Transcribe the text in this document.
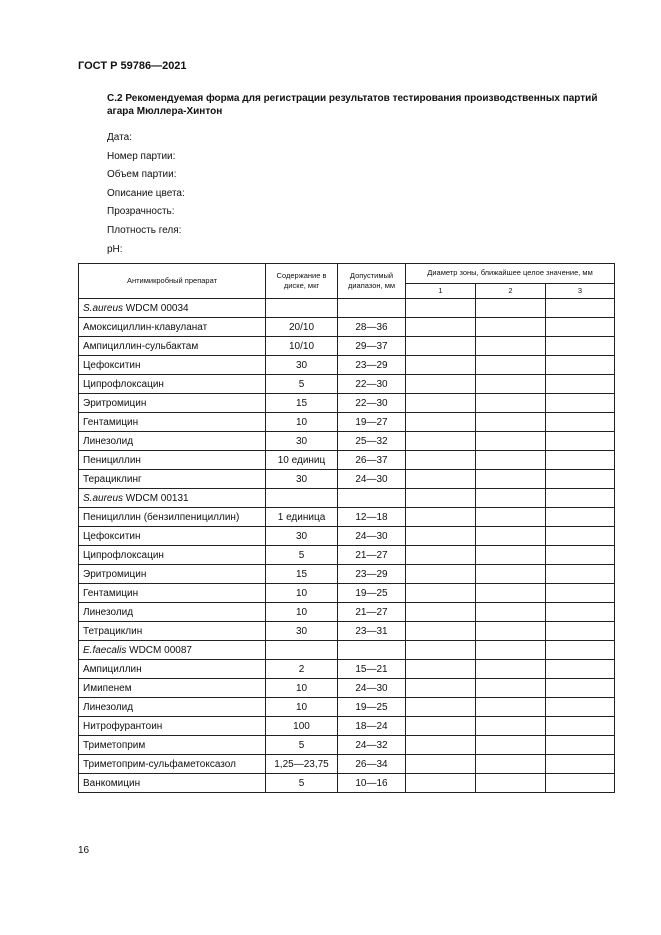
ГОСТ Р 59786—2021
С.2 Рекомендуемая форма для регистрации результатов тестирования производственных партий агара Мюллера-Хинтон
Дата:
Номер партии:
Объем партии:
Описание цвета:
Прозрачность:
Плотность геля:
рН:
Антимикробный препарат	Содержание в диске, мкг	Допустимый диапазон, мм	Диаметр зоны, ближайшее целое значение, мм		
			1	2	3
S.aureus WDCM 00034					
Амоксициллин-клавуланат	20/10	28—36			
Ампициллин-сульбактам	10/10	29—37			
Цефокситин	30	23—29			
Ципрофлоксацин	5	22—30			
Эритромицин	15	22—30			
Гентамицин	10	19—27			
Линезолид	30	25—32			
Пенициллин	10 единиц	26—37			
Терациклинг	30	24—30			
S.aureus WDCM 00131					
Пенициллин (бензилпенициллин)	1 единица	12—18			
Цефокситин	30	24—30			
Ципрофлоксацин	5	21—27			
Эритромицин	15	23—29			
Гентамицин	10	19—25			
Линезолид	10	21—27			
Тетрациклин	30	23—31			
E.faecalis WDCM 00087					
Ампициллин	2	15—21			
Имипенем	10	24—30			
Линезолид	10	19—25			
Нитрофурантоин	100	18—24			
Триметоприм	5	24—32			
Триметоприм-сульфаметоксазол	1,25—23,75	26—34			
Ванкомицин	5	10—16			
16
